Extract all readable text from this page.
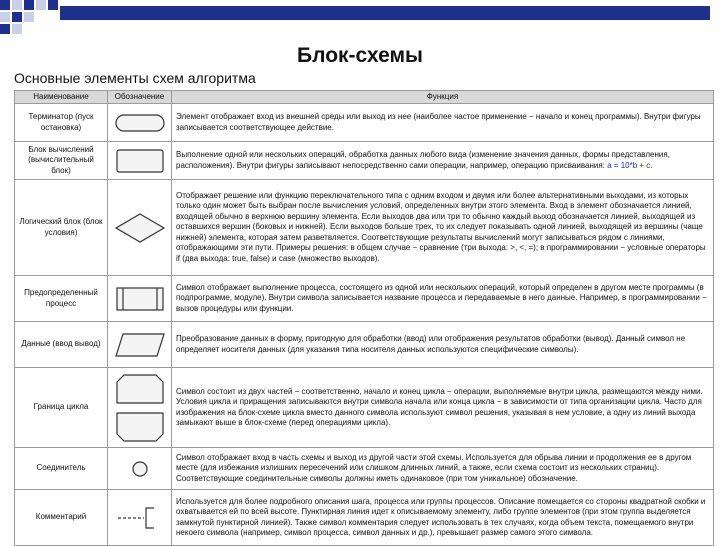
Блок-схемы
Основные элементы схем алгоритма
Наименование	Обозначение	Функция
Терминатор (пуск остановка)		Элемент отображает вход из внешней среды или выход из нее (наиболее частое применение − начало и конец программы). Внутри фигуры записывается соответствующее действие.
Блок вычислений (вычислительный блок)		Выполнение одной или нескольких операций, обработка данных любого вида (изменение значения данных, формы представления, расположения). Внутри фигуры записывают непосредственно сами операции, например, операцию присваивания: a = 10*b + c.
Логический блок (блок условия)		Отображает решение или функцию переключательного типа с одним входом и двумя или более альтернативными выходами, из которых только один может быть выбран после вычисления условий, определенных внутри этого элемента. Вход в элемент обозначается линией, входящей обычно в верхнюю вершину элемента. Если выходов два или три то обычно каждый выход обозначается линией, выходящей из оставшихся вершин (боковых и нижней). Если выходов больше трех, то их следует показывать одной линией, выходящей из вершины (чаще нижней) элемента, которая затем разветвляется. Соответствующие результаты вычислений могут записываться рядом с линиями, отображающими эти пути. Примеры решения: в общем случае − сравнение (три выхода: >, <, =); в программировании − условные операторы if (два выхода: true, false) и case (множество выходов).
Предопределенный процесс		Символ отображает выполнение процесса, состоящего из одной или нескольких операций, который определен в другом месте программы (в подпрограмме, модуле). Внутри символа записывается название процесса и передаваемые в него данные. Например, в программировании − вызов процедуры или функции.
Данные (ввод вывод)		Преобразование данных в форму, пригодную для обработки (ввод) или отображения результатов обработки (вывод). Данный символ не определяет носителя данных (для указания типа носителя данных используются специфические символы).
Граница цикла		Символ состоит из двух частей − соответственно, начало и конец цикла − операции, выполняемые внутри цикла, размещаются между ними. Условия цикла и приращения записываются внутри символа начала или конца цикла − в зависимости от типа организации цикла. Часто для изображения на блок-схеме цикла вместо данного символа используют символ решения, указывая в нем условие, а одну из линий выхода замыкают выше в блок-схеме (перед операциями цикла).
Соединитель		Символ отображает вход в часть схемы и выход из другой части этой схемы. Используется для обрыва линии и продолжения ее в другом месте (для избежания излишних пересечений или слишком длинных линий, а также, если схема состоит из нескольких страниц). Соответствующие соединительные символы должны иметь одинаковое (при том уникальное) обозначение.
Комментарий		Используется для более подробного описания шага, процесса или группы процессов. Описание помещается со стороны квадратной скобки и охватывается ей по всей высоте. Пунктирная линия идет к описываемому элементу, либо группе элементов (при этом группа выделяется замкнутой пунктирной линией). Также символ комментария следует использовать в тех случаях, когда объем текста, помещаемого внутри некоего символа (например, символ процесса, символ данных и др.), превышает размер самого этого символа.
